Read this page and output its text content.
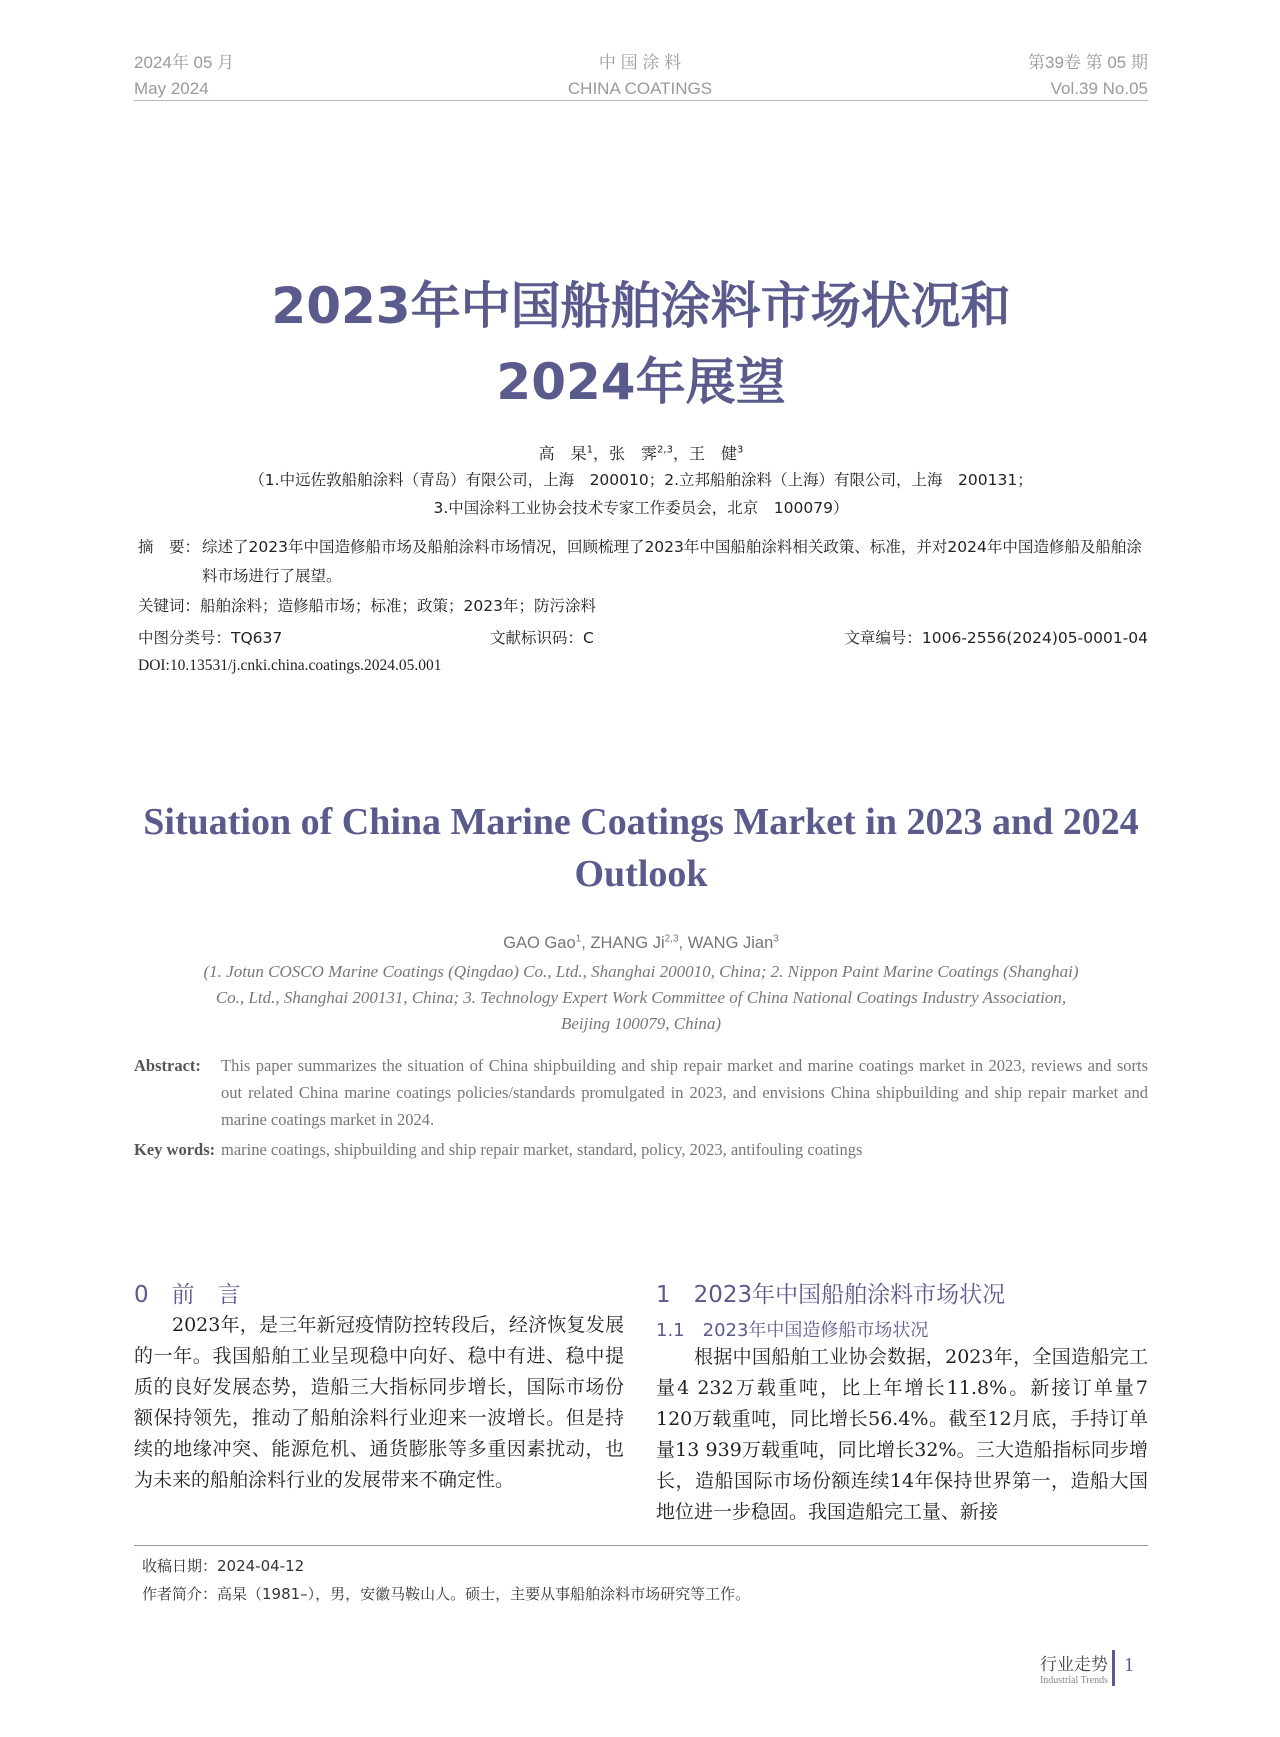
2024年 05 月
May 2024
中 国 涂 料
CHINA COATINGS
第39卷 第 05 期
Vol.39 No.05
2023年中国船舶涂料市场状况和
2024年展望
高　杲$^1$，张　霁$^{2,3}$，王　健$^3$
（1.中远佐敦船舶涂料（青岛）有限公司，上海　200010；2.立邦船舶涂料（上海）有限公司，上海　200131；
3.中国涂料工业协会技术专家工作委员会，北京　100079）
摘　要： 综述了2023年中国造修船市场及船舶涂料市场情况，回顾梳理了2023年中国船舶涂料相关政策、标准，并对2024年中国造修船及船舶涂料市场进行了展望。
关键词：船舶涂料；造修船市场；标准；政策；2023年；防污涂料
中图分类号：TQ637	文献标识码：C	文章编号：1006-2556(2024)05-0001-04
DOI:10.13531/j.cnki.china.coatings.2024.05.001
Situation of China Marine Coatings Market in 2023 and 2024
Outlook
GAO Gao$^1$, ZHANG Ji$^{2,3}$, WANG Jian$^3$
(1. Jotun COSCO Marine Coatings (Qingdao) Co., Ltd., Shanghai 200010, China; 2. Nippon Paint Marine Coatings (Shanghai)
Co., Ltd., Shanghai 200131, China; 3. Technology Expert Work Committee of China National Coatings Industry Association,
Beijing 100079, China)
Abstract: This paper summarizes the situation of China shipbuilding and ship repair market and marine coatings market in 2023, reviews and sorts out related China marine coatings policies/standards promulgated in 2023, and envisions China shipbuilding and ship repair market and marine coatings market in 2024.
Key words: marine coatings, shipbuilding and ship repair market, standard, policy, 2023, antifouling coatings
0　前　言
2023年，是三年新冠疫情防控转段后，经济恢复发展的一年。我国船舶工业呈现稳中向好、稳中有进、稳中提质的良好发展态势，造船三大指标同步增长，国际市场份额保持领先，推动了船舶涂料行业迎来一波增长。但是持续的地缘冲突、能源危机、通货膨胀等多重因素扰动，也为未来的船舶涂料行业的发展带来不确定性。
1　2023年中国船舶涂料市场状况
1.1　2023年中国造修船市场状况
根据中国船舶工业协会数据，2023年，全国造船完工量4 232万载重吨，比上年增长11.8%。新接订单量7 120万载重吨，同比增长56.4%。截至12月底，手持订单量13 939万载重吨，同比增长32%。三大造船指标同步增长，造船国际市场份额连续14年保持世界第一，造船大国地位进一步稳固。我国造船完工量、新接
收稿日期：2024-04-12
作者简介：高杲（1981–），男，安徽马鞍山人。硕士，主要从事船舶涂料市场研究等工作。
行业走势
Industrial Trends
1
